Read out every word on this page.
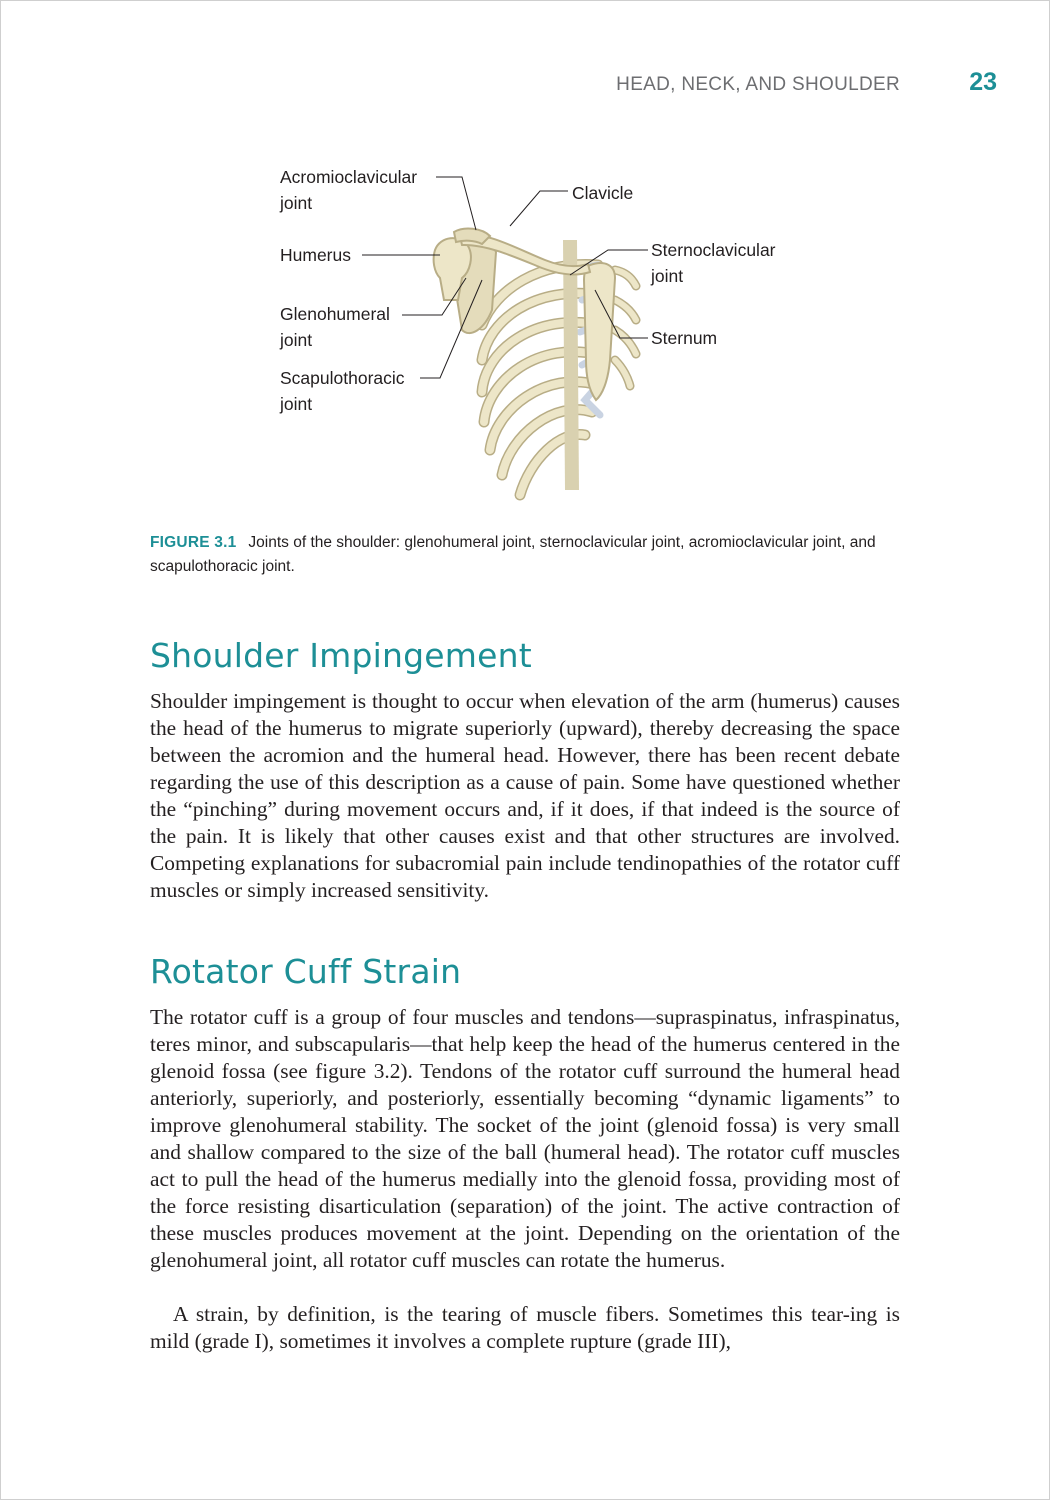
HEAD, NECK, AND SHOULDER	23
Acromioclavicular
joint	Clavicle
Humerus	Sternoclavicular
joint
Glenohumeral
joint	Sternum
Scapulothoracic
joint
FIGURE 3.1 Joints of the shoulder: glenohumeral joint, sternoclavicular joint, acromioclavicular joint, and scapulothoracic joint.
Shoulder Impingement

Shoulder impingement is thought to occur when elevation of the arm (humerus) causes the head of the humerus to migrate superiorly (upward), thereby decreasing the space between the acromion and the humeral head. However, there has been recent debate regarding the use of this description as a cause of pain. Some have questioned whether the “pinching” during movement occurs and, if it does, if that indeed is the source of the pain. It is likely that other causes exist and that other structures are involved. Competing explanations for subacromial pain include tendinopathies of the rotator cuff muscles or simply increased sensitivity.

Rotator Cuff Strain

The rotator cuff is a group of four muscles and tendons—supraspinatus, infraspinatus, teres minor, and subscapularis—that help keep the head of the humerus centered in the glenoid fossa (see figure 3.2). Tendons of the rotator cuff surround the humeral head anteriorly, superiorly, and posteriorly, essentially becoming “dynamic ligaments” to improve glenohumeral stability. The socket of the joint (glenoid fossa) is very small and shallow compared to the size of the ball (humeral head). The rotator cuff muscles act to pull the head of the humerus medially into the glenoid fossa, providing most of the force resisting disarticulation (separation) of the joint. The active contraction of these muscles produces movement at the joint. Depending on the orientation of the glenohumeral joint, all rotator cuff muscles can rotate the humerus.

A strain, by definition, is the tearing of muscle fibers. Sometimes this tear-ing is mild (grade I), sometimes it involves a complete rupture (grade III),
